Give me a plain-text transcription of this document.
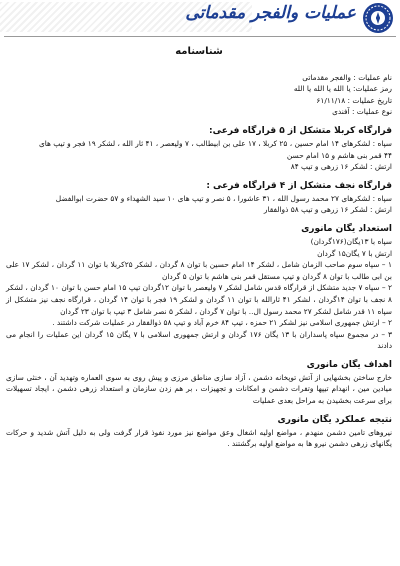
عملیات والفجر مقدماتی
شناسنامه
نام عملیات : والفجر مقدماتی
رمز عملیات: یا الله یا الله یا الله
تاریخ عملیات : ۶۱/۱۱/۱۸
نوع عملیات : آفندی
قرارگاه کربلا متشکل از ۵ قرارگاه فرعی:
سپاه : لشکرهای ۱۴ امام حسین ، ۲۵ کربلا ، ۱۷ علی بن ابیطالب ، ۷ ولیعصر ، ۴۱ ثار الله ، لشکر ۱۹ فجر و تیپ های
۴۴ قمر بنی هاشم و ۱۵ امام حسن
ارتش : لشکر ۱۶ زرهی و تیپ ۸۴
قرارگاه نجف متشکل از ۴ قرارگاه فرعی :
سپاه : لشکرهای ۲۷ محمد رسول الله ، ۳۱ عاشورا ، ۵ نصر و تیپ های ۱۰ سید الشهداء و ۵۷ حضرت ابوالفضل
ارتش : لشکر ۱۶ زرهی و تیپ ۵۸ ذوالفقار
استعداد یگان مانوری
سپاه با ۱۳یگان(۱۷۶گردان)
ارتش با ۷ یگان۱۵ گردان
۱ – سپاه سوم صاحب الزمان شامل ، لشکر ۱۴ امام حسین با توان ۸ گردان ، لشکر ۲۵کربلا با توان ۱۱ گردان ، لشکر ۱۷ علی بن ابی طالب با توان ۸ گردان و تیپ مستقل قمر بنی هاشم با توان ۵ گردان
۲ – سپاه ۷ جدید متشکل از قرارگاه قدس شامل لشکر ۷ ولیعصر با توان ۱۲گردان تیپ ۱۵ امام حسن با توان ۱۰ گردان ، لشکر ۸ نجف با توان ۱۴گردان ، لشکر ۴۱ ثارالله با توان ۱۱ گردان و لشکر ۱۹ فجر با توان ۱۴ گردان ، قرارگاه نجف نیز متشکل از سپاه ۱۱ قدر شامل لشکر ۲۷ محمد رسول ال.. با توان ۷ گردان ، لشکر ۵ نصر شامل ۳ تیپ با توان ۲۳ گردان
۲ – ارتش جمهوری اسلامی نیز لشکر ۲۱ حمزه ، تیپ ۸۴ خرم آباد و تیپ ۵۸ ذوالفقار در عملیات شرکت داشتند .
۳ – در مجموع سپاه پاسداران با ۱۳ یگان ۱۷۶ گردان و ارتش جمهوری اسلامی با ۷ یگان ۱۵ گردان این عملیات را انجام می دادند
اهداف یگان مانوری
خارج ساختن بخشهایی از آتش توپخانه دشمن ، آزاد سازی مناطق مرزی و پیش روی به سوی العماره وتهدید آن ، خنثی سازی میادین مین ، انهدام تیپها وتفرات دشمن و امکانات و تجهیزات ، بر هم زدن سازمان و استعداد زرهی دشمن ، ایجاد تسهیلات برای سرعت بخشیدن به مراحل بعدی عملیات
نتیجه عملکرد یگان مانوری
نیروهای تامین دشمن منهدم ، مواضع اولیه اشغال وعق مواضع نیز مورد نفوذ قرار گرفت ولی به دلیل آتش شدید و حرکات یگانهای زرهی دشمن نیرو ها به مواضع اولیه برگشتند .
